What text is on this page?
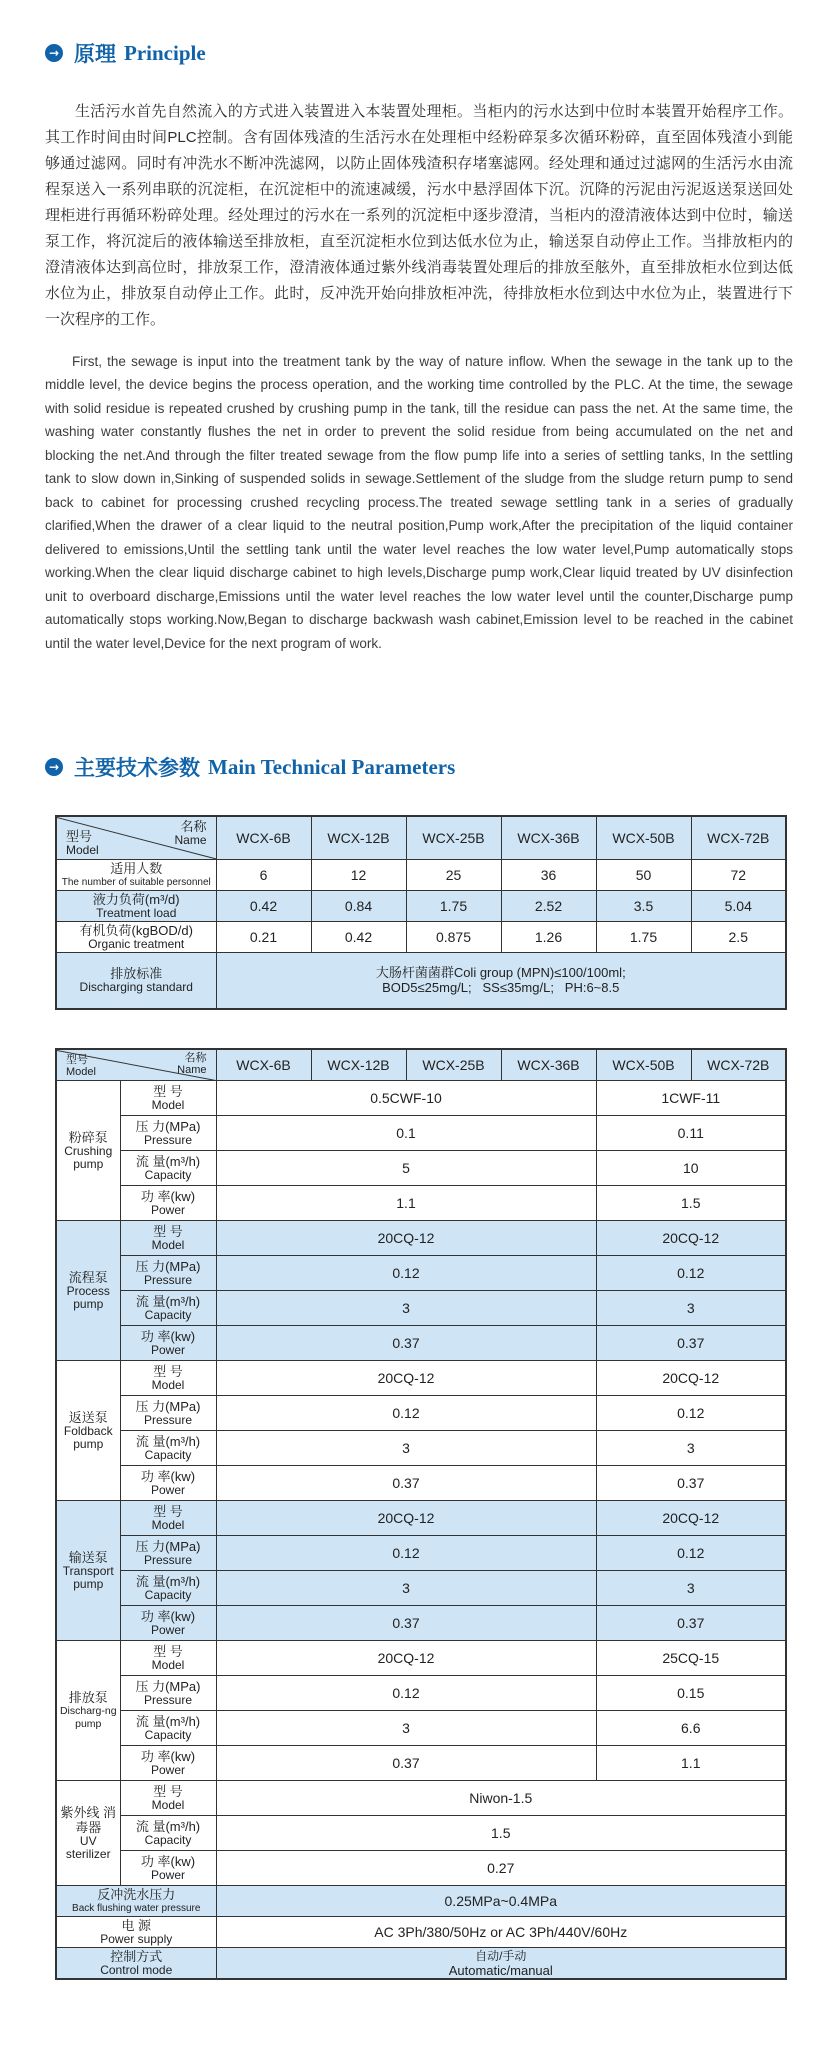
→ 原理 Principle

生活污水首先自然流入的方式进入装置进入本装置处理柜。当柜内的污水达到中位时本装置开始程序工作。其工作时间由时间PLC控制。含有固体残渣的生活污水在处理柜中经粉碎泵多次循环粉碎，直至固体残渣小到能够通过滤网。同时有冲洗水不断冲洗滤网，以防止固体残渣积存堵塞滤网。经处理和通过过滤网的生活污水由流程泵送入一系列串联的沉淀柜，在沉淀柜中的流速减缓，污水中悬浮固体下沉。沉降的污泥由污泥返送泵送回处理柜进行再循环粉碎处理。经处理过的污水在一系列的沉淀柜中逐步澄清，当柜内的澄清液体达到中位时，输送泵工作，将沉淀后的液体输送至排放柜，直至沉淀柜水位到达低水位为止，输送泵自动停止工作。当排放柜内的澄清液体达到高位时，排放泵工作，澄清液体通过紫外线消毒装置处理后的排放至舷外，直至排放柜水位到达低水位为止，排放泵自动停止工作。此时，反冲洗开始向排放柜冲洗，待排放柜水位到达中水位为止，装置进行下一次程序的工作。

First, the sewage is input into the treatment tank by the way of nature inflow. When the sewage in the tank up to the middle level, the device begins the process operation, and the working time controlled by the PLC. At the time, the sewage with solid residue is repeated crushed by crushing pump in the tank, till the residue can pass the net. At the same time, the washing water constantly flushes the net in order to prevent the solid residue from being accumulated on the net and blocking the net.And through the filter treated sewage from the flow pump life into a series of settling tanks, In the settling tank to slow down in,Sinking of suspended solids in sewage.Settlement of the sludge from the sludge return pump to send back to cabinet for processing crushed recycling process.The treated sewage settling tank in a series of gradually clarified,When the drawer of a clear liquid to the neutral position,Pump work,After the precipitation of the liquid container delivered to emissions,Until the settling tank until the water level reaches the low water level,Pump automatically stops working.When the clear liquid discharge cabinet to high levels,Discharge pump work,Clear liquid treated by UV disinfection unit to overboard discharge,Emissions until the water level reaches the low water level until the counter,Discharge pump automatically stops working.Now,Began to discharge backwash wash cabinet,Emission level to be reached in the cabinet until the water level,Device for the next program of work.

→ 主要技术参数 Main Technical Parameters
名称
Name
型号
Model	WCX-6B	WCX-12B	WCX-25B	WCX-36B	WCX-50B	WCX-72B

适用人数
The number of suitable personnel	6	12	25	36	50	72

液力负荷(m³/d)
Treatment load	0.42	0.84	1.75	2.52	3.5	5.04

有机负荷(kgBOD/d)
Organic treatment	0.21	0.42	0.875	1.26	1.75	2.5

排放标准
Discharging standard	大肠杆菌菌群Coli group (MPN)≤100/100ml;
BOD5≤25mg/L;   SS≤35mg/L;   PH:6~8.5					
名称
Name
型号
Model		WCX-6B	WCX-12B	WCX-25B	WCX-36B	WCX-50B	WCX-72B

粉碎泵
Crushing pump	型 号
Model	0.5CWF-10				1CWF-11	

	压 力(MPa)
Pressure	0.1				0.11	

	流 量(m³/h)
Capacity	5				10	

	功 率(kw)
Power	1.1				1.5	

流程泵
Process pump	型 号
Model	20CQ-12				20CQ-12	

	压 力(MPa)
Pressure	0.12				0.12	

	流 量(m³/h)
Capacity	3				3	

	功 率(kw)
Power	0.37				0.37	

返送泵
Foldback pump	型 号
Model	20CQ-12				20CQ-12	

	压 力(MPa)
Pressure	0.12				0.12	

	流 量(m³/h)
Capacity	3				3	

	功 率(kw)
Power	0.37				0.37	

输送泵
Transport pump	型 号
Model	20CQ-12				20CQ-12	

	压 力(MPa)
Pressure	0.12				0.12	

	流 量(m³/h)
Capacity	3				3	

	功 率(kw)
Power	0.37				0.37	

排放泵
Discharg-ng pump	型 号
Model	20CQ-12				25CQ-15	

	压 力(MPa)
Pressure	0.12				0.15	

	流 量(m³/h)
Capacity	3				6.6	

	功 率(kw)
Power	0.37				1.1	

紫外线 消毒器
UV sterilizer	型 号
Model	Niwon-1.5					

	流 量(m³/h)
Capacity	1.5					

	功 率(kw)
Power	0.27					

反冲洗水压力
Back flushing water pressure		0.25MPa~0.4MPa					

电 源
Power supply		AC 3Ph/380/50Hz or AC 3Ph/440V/60Hz					

控制方式
Control mode		自动/手动
Automatic/manual					
